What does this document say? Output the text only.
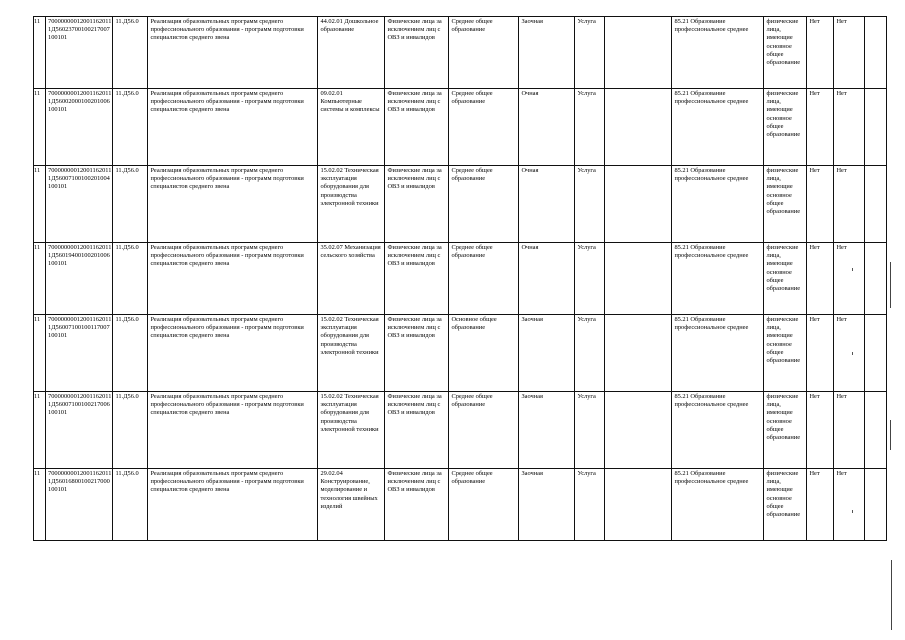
11	70000000012001162011 1Д56023700100217007 100101	11.Д56.0	Реализация образовательных программ среднего профессионального образования - программ подготовки специалистов среднего звена	44.02.01 Дошкольное образование	Физические лица за исключением лиц с ОВЗ и инвалидов	Среднее общее образование	Заочная	Услуга		85.21 Образование профессиональное среднее	физические лица, имеющие основное общее образование	Нет	Нет	
11	70000000012001162011 1Д56002000100201006 100101	11.Д56.0	Реализация образовательных программ среднего профессионального образования - программ подготовки специалистов среднего звена	09.02.01 Компьютерные системы и комплексы	Физические лица за исключением лиц с ОВЗ и инвалидов	Среднее общее образование	Очная	Услуга		85.21 Образование профессиональное среднее	физические лица, имеющие основное общее образование	Нет	Нет	
11	70000000012001162011 1Д56007100100201004 100101	11.Д56.0	Реализация образовательных программ среднего профессионального образования - программ подготовки специалистов среднего звена	15.02.02 Техническая эксплуатация оборудования для производства электронной техники	Физические лица за исключением лиц с ОВЗ и инвалидов	Среднее общее образование	Очная	Услуга		85.21 Образование профессиональное среднее	физические лица, имеющие основное общее образование	Нет	Нет	
11	70000000012001162011 1Д56019400100201006 100101	11.Д56.0	Реализация образовательных программ среднего профессионального образования - программ подготовки специалистов среднего звена	35.02.07 Механизация сельского хозяйства	Физические лица за исключением лиц с ОВЗ и инвалидов	Среднее общее образование	Очная	Услуга		85.21 Образование профессиональное среднее	физические лица, имеющие основное общее образование	Нет	Нет	
11	70000000012001162011 1Д56007100100117007 100101	11.Д56.0	Реализация образовательных программ среднего профессионального образования - программ подготовки специалистов среднего звена	15.02.02 Техническая эксплуатация оборудования для производства электронной техники	Физические лица за исключением лиц с ОВЗ и инвалидов	Основное общее образование	Заочная	Услуга		85.21 Образование профессиональное среднее	физические лица, имеющие основное общее образование	Нет	Нет	
11	70000000012001162011 1Д56007100100217006 100101	11.Д56.0	Реализация образовательных программ среднего профессионального образования - программ подготовки специалистов среднего звена	15.02.02 Техническая эксплуатация оборудования для производства электронной техники	Физические лица за исключением лиц с ОВЗ и инвалидов	Среднее общее образование	Заочная	Услуга		85.21 Образование профессиональное среднее	физические лица, имеющие основное общее образование	Нет	Нет	
11	70000000012001162011 1Д56016800100217000 100101	11.Д56.0	Реализация образовательных программ среднего профессионального образования - программ подготовки специалистов среднего звена	29.02.04 Конструирование, моделирование и технология швейных изделий	Физические лица за исключением лиц с ОВЗ и инвалидов	Среднее общее образование	Заочная	Услуга		85.21 Образование профессиональное среднее	физические лица, имеющие основное общее образование	Нет	Нет	
